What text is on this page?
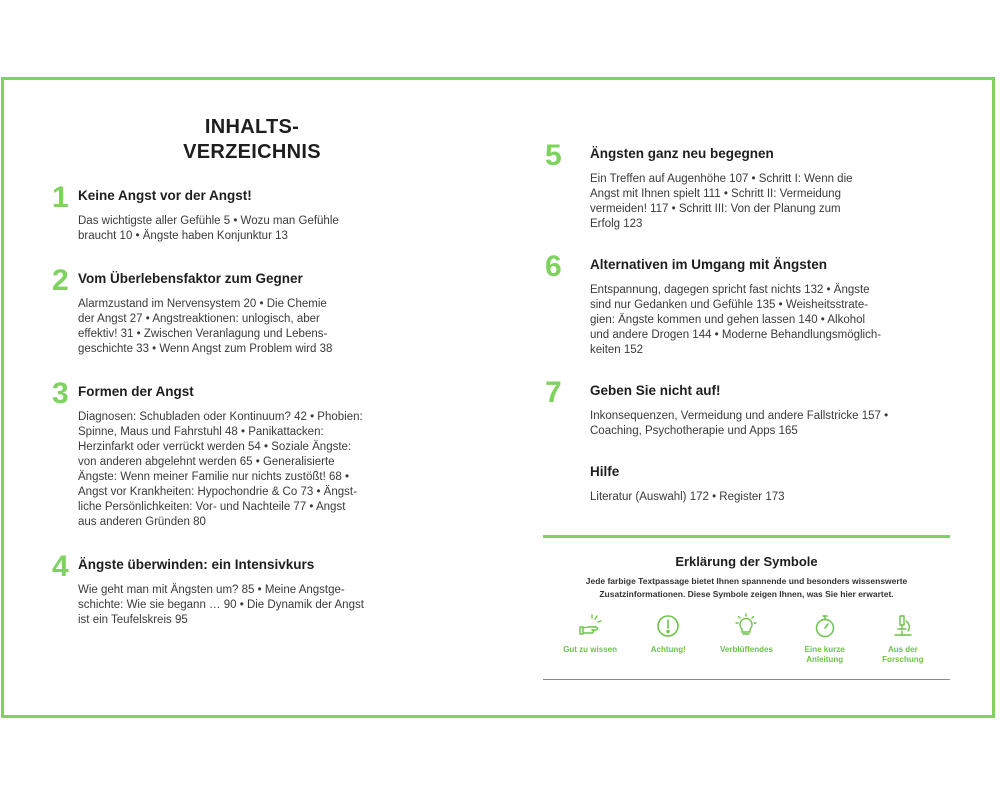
INHALTS-
VERZEICHNIS
1 Keine Angst vor der Angst!
Das wichtigste aller Gefühle 5 • Wozu man Gefühle
braucht 10 • Ängste haben Konjunktur 13
2 Vom Überlebensfaktor zum Gegner
Alarmzustand im Nervensystem 20 • Die Chemie
der Angst 27 • Angstreaktionen: unlogisch, aber
effektiv! 31 • Zwischen Veranlagung und Lebens-
geschichte 33 • Wenn Angst zum Problem wird 38
3 Formen der Angst
Diagnosen: Schubladen oder Kontinuum? 42 • Phobien:
Spinne, Maus und Fahrstuhl 48 • Panikattacken:
Herzinfarkt oder verrückt werden 54 • Soziale Ängste:
von anderen abgelehnt werden 65 • Generalisierte
Ängste: Wenn meiner Familie nur nichts zustößt! 68 •
Angst vor Krankheiten: Hypochondrie & Co 73 • Ängst-
liche Persönlichkeiten: Vor- und Nachteile 77 • Angst
aus anderen Gründen 80
4 Ängste überwinden: ein Intensivkurs
Wie geht man mit Ängsten um? 85 • Meine Angstge-
schichte: Wie sie begann … 90 • Die Dynamik der Angst
ist ein Teufelskreis 95
5 Ängsten ganz neu begegnen
Ein Treffen auf Augenhöhe 107 • Schritt I: Wenn die
Angst mit Ihnen spielt 111 • Schritt II: Vermeidung
vermeiden! 117 • Schritt III: Von der Planung zum
Erfolg 123
6 Alternativen im Umgang mit Ängsten
Entspannung, dagegen spricht fast nichts 132 • Ängste
sind nur Gedanken und Gefühle 135 • Weisheitsstrate-
gien: Ängste kommen und gehen lassen 140 • Alkohol
und andere Drogen 144 • Moderne Behandlungsmöglich-
keiten 152
7 Geben Sie nicht auf!
Inkonsequenzen, Vermeidung und andere Fallstricke 157 •
Coaching, Psychotherapie und Apps 165
Hilfe
Literatur (Auswahl) 172 • Register 173
Erklärung der Symbole
Jede farbige Textpassage bietet Ihnen spannende und besonders wissenswerte
Zusatzinformationen. Diese Symbole zeigen Ihnen, was Sie hier erwartet.
Gut zu wissen	Achtung!	Verblüffendes	Eine kurze
Anleitung
Aus der
Forschung
